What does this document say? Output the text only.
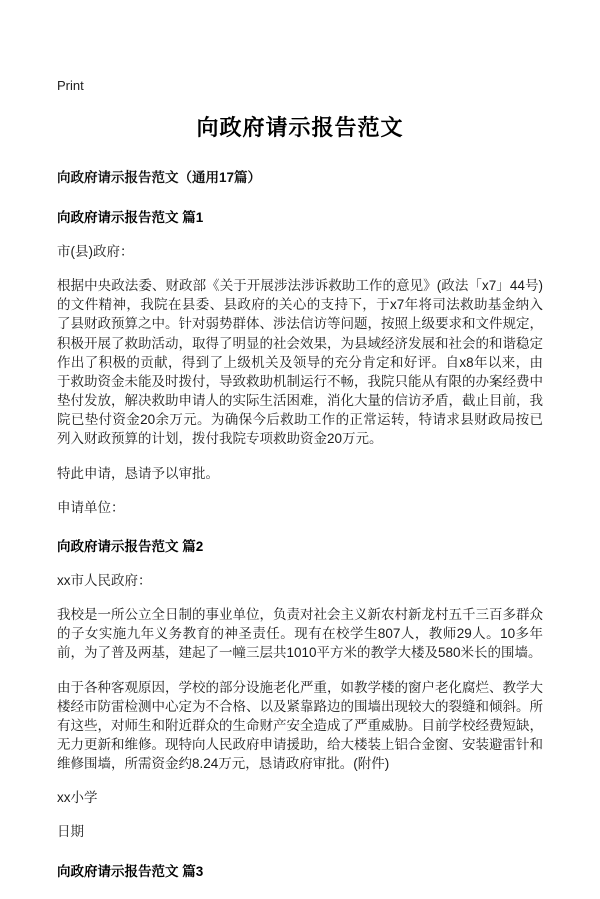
Print
向政府请示报告范文
向政府请示报告范文（通用17篇）
向政府请示报告范文 篇1

市(县)政府：

根据中央政法委、财政部《关于开展涉法涉诉救助工作的意见》(政法「x7」44号)的文件精神，我院在县委、县政府的关心的支持下，于x7年将司法救助基金纳入了县财政预算之中。针对弱势群体、涉法信访等问题，按照上级要求和文件规定，积极开展了救助活动，取得了明显的社会效果，为县域经济发展和社会的和谐稳定作出了积极的贡献，得到了上级机关及领导的充分肯定和好评。自x8年以来，由于救助资金未能及时拨付，导致救助机制运行不畅，我院只能从有限的办案经费中垫付发放，解决救助申请人的实际生活困难，消化大量的信访矛盾，截止目前，我院已垫付资金20余万元。为确保今后救助工作的正常运转，特请求县财政局按已列入财政预算的计划，拨付我院专项救助资金20万元。

特此申请，恳请予以审批。

申请单位：

向政府请示报告范文 篇2

xx市人民政府：

我校是一所公立全日制的事业单位，负责对社会主义新农村新龙村五千三百多群众的子女实施九年义务教育的神圣责任。现有在校学生807人，教师29人。10多年前，为了普及两基，建起了一幢三层共1010平方米的教学大楼及580米长的围墙。

由于各种客观原因，学校的部分设施老化严重，如教学楼的窗户老化腐烂、教学大楼经市防雷检测中心定为不合格、以及紧靠路边的围墙出现较大的裂缝和倾斜。所有这些，对师生和附近群众的生命财产安全造成了严重威胁。目前学校经费短缺，无力更新和维修。现特向人民政府申请援助，给大楼装上铝合金窗、安装避雷针和维修围墙，所需资金约8.24万元，恳请政府审批。(附件)

xx小学

日期

向政府请示报告范文 篇3
